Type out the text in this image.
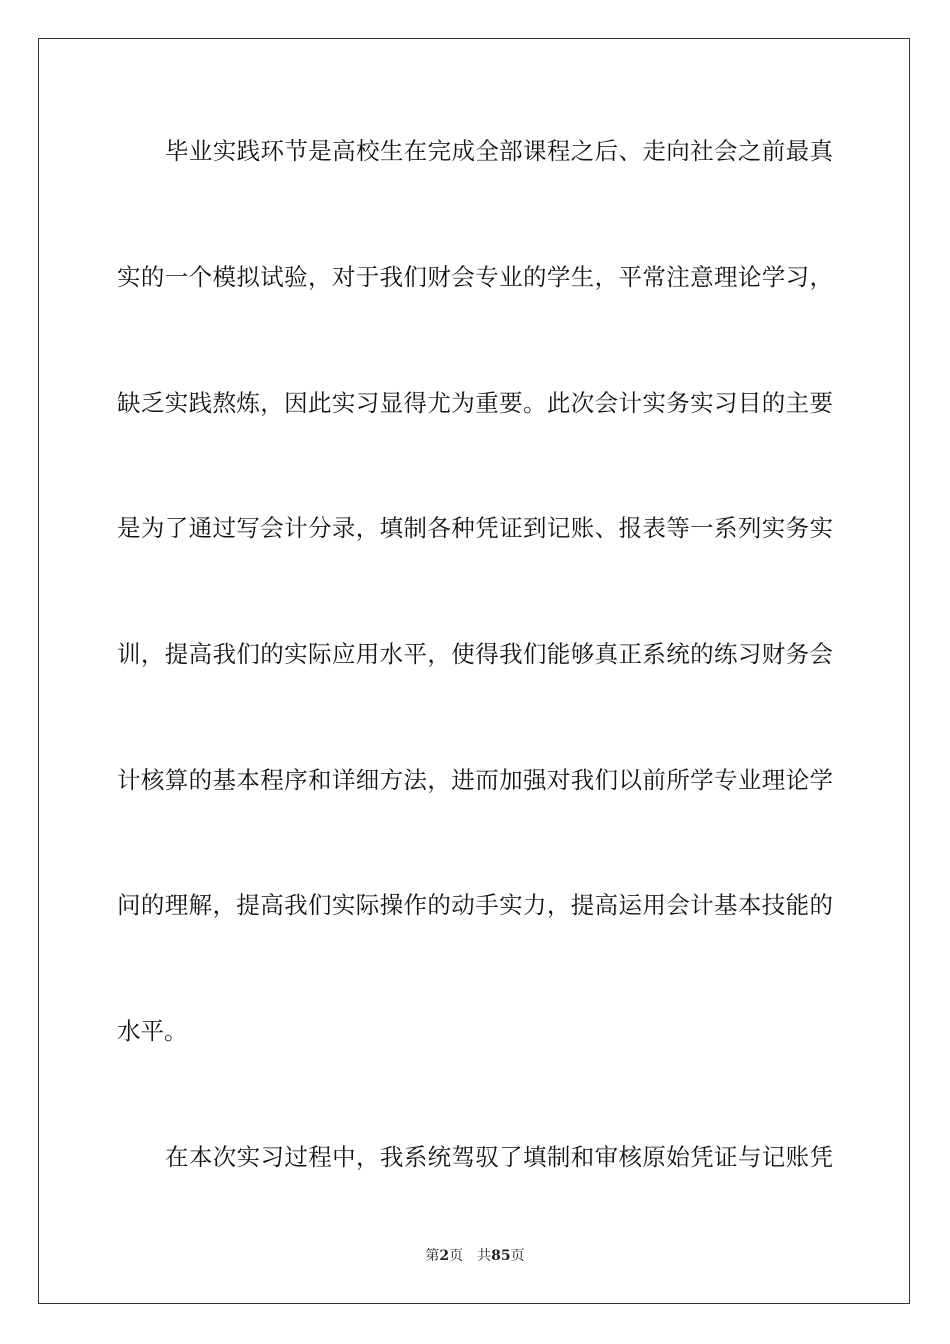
毕业实践环节是高校生在完成全部课程之后、走向社会之前最真
实的一个模拟试验，对于我们财会专业的学生，平常注意理论学习，
缺乏实践熬炼，因此实习显得尤为重要。此次会计实务实习目的主要
是为了通过写会计分录，填制各种凭证到记账、报表等一系列实务实
训，提高我们的实际应用水平，使得我们能够真正系统的练习财务会
计核算的基本程序和详细方法，进而加强对我们以前所学专业理论学
问的理解，提高我们实际操作的动手实力，提高运用会计基本技能的
水平。
在本次实习过程中，我系统驾驭了填制和审核原始凭证与记账凭
第2页 共85页
